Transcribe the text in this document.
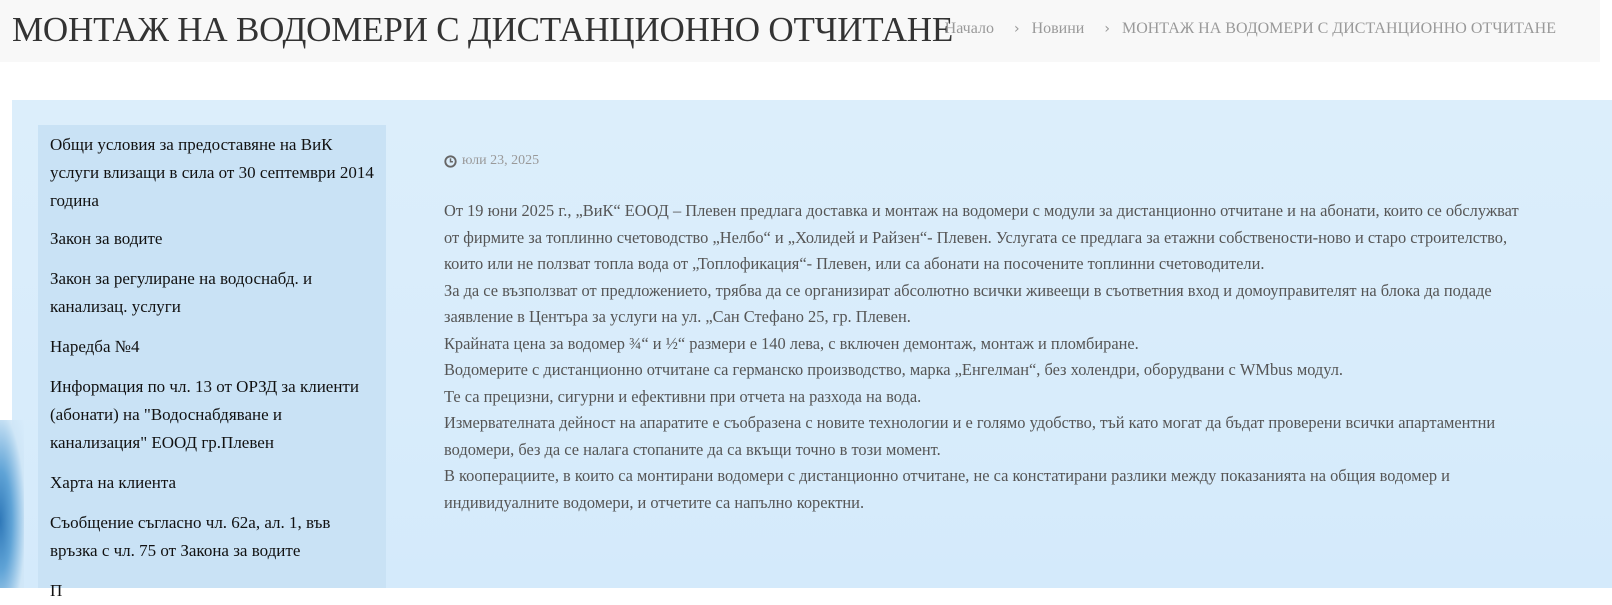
МОНТАЖ НА ВОДОМЕРИ С ДИСТАНЦИОННО ОТЧИТАНЕ
Начало › Новини › МОНТАЖ НА ВОДОМЕРИ С ДИСТАНЦИОННО ОТЧИТАНЕ
Общи условия за предоставяне на ВиК услуги влизащи в сила от 30 септември 2014 година
Закон за водите
Закон за регулиране на водоснабд. и канализац. услуги
Наредба №4
Информация по чл. 13 от ОРЗД за клиенти (абонати) на "Водоснабдяване и канализация" ЕООД гр.Плевен
Харта на клиента
Съобщение съгласно чл. 62а, ал. 1, във връзка с чл. 75 от Закона за водите
П
юли 23, 2025

От 19 юни 2025 г., „ВиК“ ЕООД – Плевен предлага доставка и монтаж на водомери с модули за дистанционно отчитане и на абонати, които се обслужват от фирмите за топлинно счетоводство „Нелбо“ и „Холидей и Райзен“- Плевен. Услугата се предлага за етажни собствености-ново и старо строителство, които или не ползват топла вода от „Топлофикация“- Плевен, или са абонати на посочените топлинни счетоводители.

За да се възползват от предложението, трябва да се организират абсолютно всички живеещи в съответния вход и домоуправителят на блока да подаде заявление в Центъра за услуги на ул. „Сан Стефано 25, гр. Плевен.

Крайната цена за водомер ¾“ и ½“ размери е 140 лева, с включен демонтаж, монтаж и пломбиране.

Водомерите с дистанционно отчитане са германско производство, марка „Енгелман“, без холендри, оборудвани с WMbus модул.

Те са прецизни, сигурни и ефективни при отчета на разхода на вода.

Измервателната дейност на апаратите е съобразена с новите технологии и е голямо удобство, тъй като могат да бъдат проверени всички апартаментни водомери, без да се налага стопаните да са вкъщи точно в този момент.

В кооперациите, в които са монтирани водомери с дистанционно отчитане, не са констатирани разлики между показанията на общия водомер и индивидуалните водомери, и отчетите са напълно коректни.
